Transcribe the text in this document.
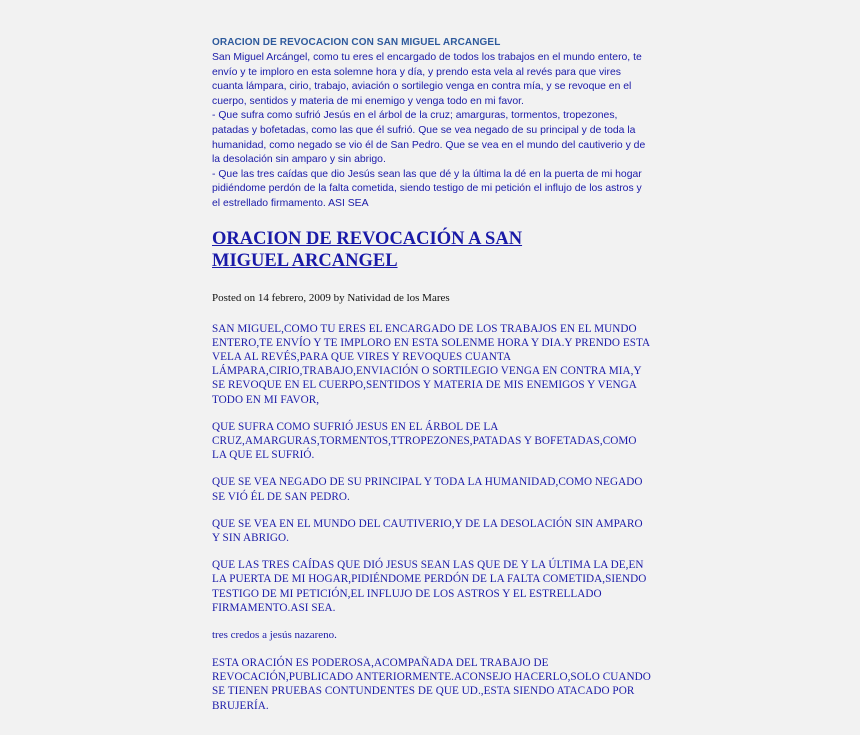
ORACION DE REVOCACION CON SAN MIGUEL ARCANGEL

San Miguel Arcángel, como tu eres el encargado de todos los trabajos en el mundo entero, te envío y te imploro en esta solemne hora y día, y prendo esta vela al revés para que vires cuanta lámpara, cirio, trabajo, aviación o sortilegio venga en contra mía, y se revoque en el cuerpo, sentidos y materia de mi enemigo y venga todo en mi favor.

- Que sufra como sufrió Jesús en el árbol de la cruz; amarguras, tormentos, tropezones, patadas y bofetadas, como las que él sufrió. Que se vea negado de su principal y de toda la humanidad, como negado se vio él de San Pedro. Que se vea en el mundo del cautiverio y de la desolación sin amparo y sin abrigo.

- Que las tres caídas que dio Jesús sean las que dé y la última la dé en la puerta de mi hogar pidiéndome perdón de la falta cometida, siendo testigo de mi petición el influjo de los astros y el estrellado firmamento. ASI SEA

ORACION DE REVOCACIÓN A SAN MIGUEL ARCANGEL

Posted on 14 febrero, 2009 by Natividad de los Mares

SAN MIGUEL,COMO TU ERES EL ENCARGADO DE LOS TRABAJOS EN EL MUNDO ENTERO,TE ENVÍO Y TE IMPLORO EN ESTA SOLENME HORA Y DIA.Y PRENDO ESTA VELA AL REVÉS,PARA QUE VIRES Y REVOQUES CUANTA LÁMPARA,CIRIO,TRABAJO,ENVIACIÓN O SORTILEGIO VENGA EN CONTRA MIA,Y SE REVOQUE EN EL CUERPO,SENTIDOS Y MATERIA DE MIS ENEMIGOS Y VENGA TODO EN MI FAVOR,

QUE SUFRA COMO SUFRIÓ JESUS EN EL ÁRBOL DE LA CRUZ,AMARGURAS,TORMENTOS,TTROPEZONES,PATADAS Y BOFETADAS,COMO LA QUE EL SUFRIÓ.

QUE SE VEA NEGADO DE SU PRINCIPAL Y TODA LA HUMANIDAD,COMO NEGADO SE VIÓ ÉL DE SAN PEDRO.

QUE SE VEA EN EL MUNDO DEL CAUTIVERIO,Y DE LA DESOLACIÓN SIN AMPARO Y SIN ABRIGO.

QUE LAS TRES CAÍDAS QUE DIÓ JESUS SEAN LAS QUE DE Y LA ÚLTIMA LA DE,EN LA PUERTA DE MI HOGAR,PIDIÉNDOME PERDÓN DE LA FALTA COMETIDA,SIENDO TESTIGO DE MI PETICIÓN,EL INFLUJO DE LOS ASTROS Y EL ESTRELLADO FIRMAMENTO.ASI SEA.

tres credos a jesús nazareno.

ESTA ORACIÓN ES PODEROSA,ACOMPAÑADA DEL TRABAJO DE REVOCACIÓN,PUBLICADO ANTERIORMENTE.ACONSEJO HACERLO,SOLO CUANDO SE TIENEN PRUEBAS CONTUNDENTES DE QUE UD.,ESTA SIENDO ATACADO POR BRUJERÍA.
